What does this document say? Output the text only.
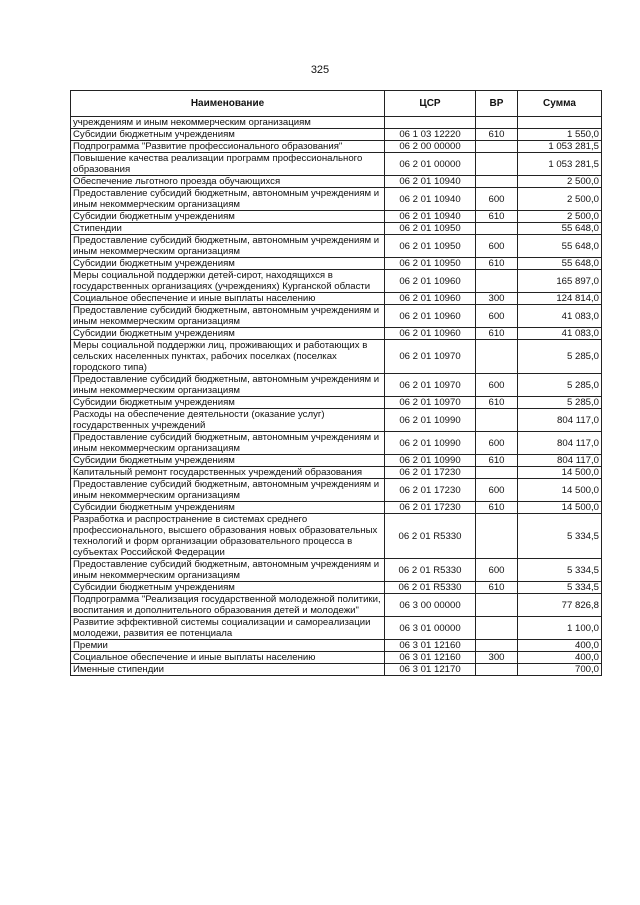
325
Наименование	ЦСР	ВР	Сумма
учреждениям и иным некоммерческим организациям			
Субсидии бюджетным учреждениям	06 1 03 12220	610	1 550,0
Подпрограмма "Развитие профессионального образования"	06 2 00 00000		1 053 281,5
Повышение качества реализации программ профессионального образования	06 2 01 00000		1 053 281,5
Обеспечение льготного проезда обучающихся	06 2 01 10940		2 500,0
Предоставление субсидий бюджетным, автономным учреждениям и иным некоммерческим организациям	06 2 01 10940	600	2 500,0
Субсидии бюджетным учреждениям	06 2 01 10940	610	2 500,0
Стипендии	06 2 01 10950		55 648,0
Предоставление субсидий бюджетным, автономным учреждениям и иным некоммерческим организациям	06 2 01 10950	600	55 648,0
Субсидии бюджетным учреждениям	06 2 01 10950	610	55 648,0
Меры социальной поддержки детей-сирот, находящихся в государственных организациях (учреждениях) Курганской области	06 2 01 10960		165 897,0
Социальное обеспечение и иные выплаты населению	06 2 01 10960	300	124 814,0
Предоставление субсидий бюджетным, автономным учреждениям и иным некоммерческим организациям	06 2 01 10960	600	41 083,0
Субсидии бюджетным учреждениям	06 2 01 10960	610	41 083,0
Меры социальной поддержки лиц, проживающих и работающих в сельских населенных пунктах, рабочих поселках (поселках городского типа)	06 2 01 10970		5 285,0
Предоставление субсидий бюджетным, автономным учреждениям и иным некоммерческим организациям	06 2 01 10970	600	5 285,0
Субсидии бюджетным учреждениям	06 2 01 10970	610	5 285,0
Расходы на обеспечение деятельности (оказание услуг) государственных учреждений	06 2 01 10990		804 117,0
Предоставление субсидий бюджетным, автономным учреждениям и иным некоммерческим организациям	06 2 01 10990	600	804 117,0
Субсидии бюджетным учреждениям	06 2 01 10990	610	804 117,0
Капитальный ремонт государственных учреждений образования	06 2 01 17230		14 500,0
Предоставление субсидий бюджетным, автономным учреждениям и иным некоммерческим организациям	06 2 01 17230	600	14 500,0
Субсидии бюджетным учреждениям	06 2 01 17230	610	14 500,0
Разработка и распространение в системах среднего профессионального, высшего образования новых образовательных технологий и форм организации образовательного процесса в субъектах Российской Федерации	06 2 01 R5330		5 334,5
Предоставление субсидий бюджетным, автономным учреждениям и иным некоммерческим организациям	06 2 01 R5330	600	5 334,5
Субсидии бюджетным учреждениям	06 2 01 R5330	610	5 334,5
Подпрограмма "Реализация государственной молодежной политики, воспитания и дополнительного образования детей и молодежи"	06 3 00 00000		77 826,8
Развитие эффективной системы социализации и самореализации молодежи, развития ее потенциала	06 3 01 00000		1 100,0
Премии	06 3 01 12160		400,0
Социальное обеспечение и иные выплаты населению	06 3 01 12160	300	400,0
Именные стипендии	06 3 01 12170		700,0
